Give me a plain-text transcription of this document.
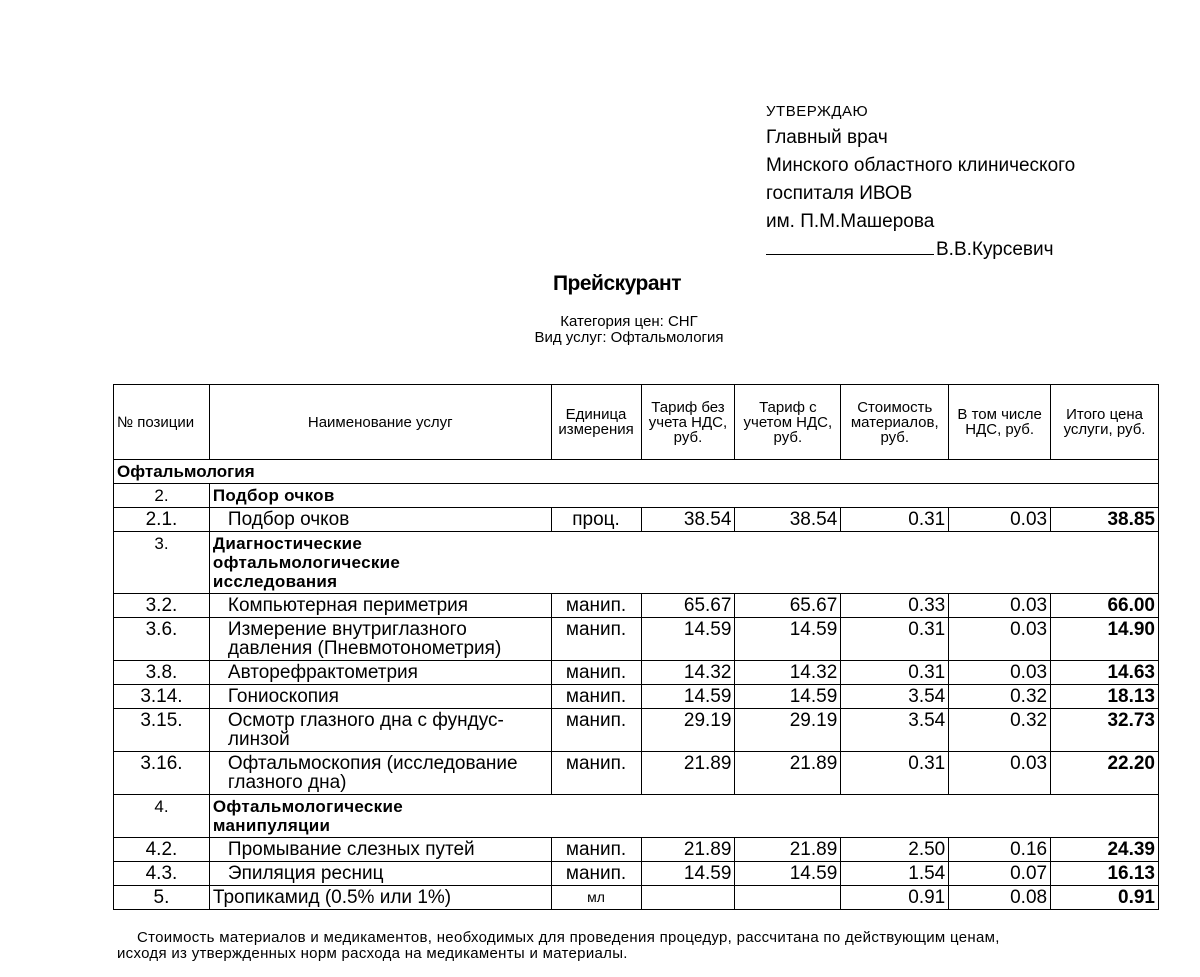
УТВЕРЖДАЮ
Главный врач
Минского областного клинического
госпиталя ИВОВ
им. П.М.Машерова
В.В.Курсевич
Прейскурант
Категория цен: СНГ
Вид услуг: Офтальмология
№ позиции	Наименование услуг	Единица измерения	Тариф без учета НДС, руб.	Тариф с учетом НДС, руб.	Стоимость материалов, руб.	В том числе НДС, руб.	Итого цена услуги, руб.
Офтальмология							
2.	Подбор очков						

2.1.	Подбор очков	проц.	38.54	38.54	0.31	0.03	38.85
3.	Диагностические офтальмологические исследования						

3.2.	Компьютерная периметрия	манип.	65.67	65.67	0.33	0.03	66.00
3.6.	Измерение внутриглазного давления (Пневмотонометрия)	манип.	14.59	14.59	0.31	0.03	14.90
3.8.	Авторефрактометрия	манип.	14.32	14.32	0.31	0.03	14.63
3.14.	Гониоскопия	манип.	14.59	14.59	3.54	0.32	18.13
3.15.	Осмотр глазного дна с фундус-линзой	манип.	29.19	29.19	3.54	0.32	32.73
3.16.	Офтальмоскопия (исследование глазного дна)	манип.	21.89	21.89	0.31	0.03	22.20
4.	Офтальмологические манипуляции						

4.2.	Промывание слезных путей	манип.	21.89	21.89	2.50	0.16	24.39
4.3.	Эпиляция ресниц	манип.	14.59	14.59	1.54	0.07	16.13
5.	Тропикамид (0.5% или 1%)	мл			0.91	0.08	0.91
Стоимость материалов и медикаментов, необходимых для проведения процедур, рассчитана по действующим ценам,
исходя из утвержденных норм расхода на медикаменты и материалы.
